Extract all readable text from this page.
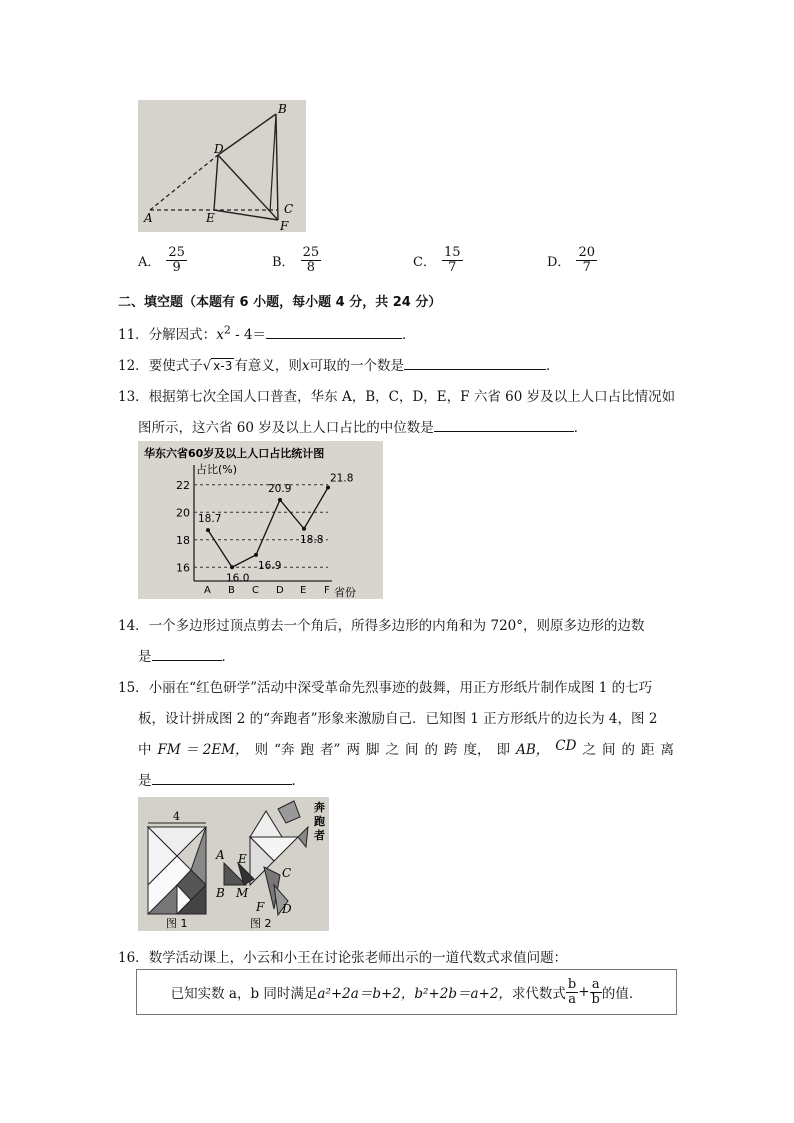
B
D
A	E
C
F
A． $\frac{25}{9}$	B． $\frac{25}{8}$	C． $\frac{15}{7}$	D． $\frac{20}{7}$
二、填空题（本题有 6 小题，每小题 4 分，共 24 分）
11．分解因式：$x^2 - 4=$	．
12．要使式子√ x-3 有意义，则x可取的一个数是	．
13．根据第七次全国人口普查，华东 A，B，C，D，E，F 六省 60 岁及以上人口占比情况如
图所示，这六省 60 岁及以上人口占比的中位数是	．
华东六省60岁及以上人口占比统计图
占比(%)
省份
16
18
20
22
A B C D E F
18.7
16.0
16.9
20.9
18.8
21.8
14．一个多边形过顶点剪去一个角后，所得多边形的内角和为 720°，则原多边形的边数
是	．
15．小丽在“红色研学”活动中深受革命先烈事迹的鼓舞，用正方形纸片制作成图 1 的七巧
板，设计拼成图 2 的“奔跑者”形象来激励自己．已知图 1 正方形纸片的边长为 4，图 2
中 FM ＝ 2EM， 则 “奔 跑 者” 两 脚 之 间 的 跨 度， 即 AB， CD 之 间 的 距 离
是	．
4
图 1
奔
跑
者
A E
B M
F
C
D
图 2
16．数学活动课上，小云和小王在讨论张老师出示的一道代数式求值问题：
已知实数 a，b 同时满足 a²+2a＝b+2，b²+2b＝a+2， 求代数式 $\frac{b}{a} + \frac{a}{b}$ 的值．
